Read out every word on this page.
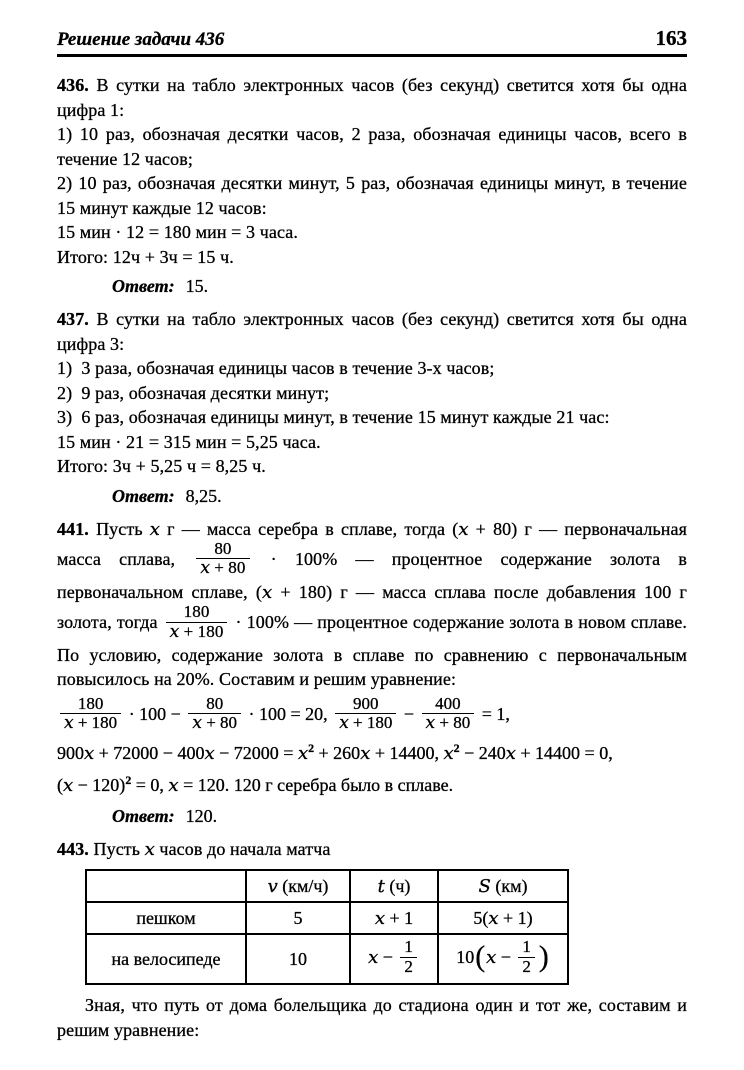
Решение задачи 436	163

436. В сутки на табло электронных часов (без секунд) светится хотя бы одна цифра 1:

1) 10 раз, обозначая десятки часов, 2 раза, обозначая единицы часов, всего в течение 12 часов;

2) 10 раз, обозначая десятки минут, 5 раз, обозначая единицы минут, в течение 15 минут каждые 12 часов:

15 мин · 12 = 180 мин = 3 часа.

Итого: 12ч + 3ч = 15 ч.

Ответ: 15.

437. В сутки на табло электронных часов (без секунд) светится хотя бы одна цифра 3:

1)  3 раза, обозначая единицы часов в течение 3-х часов;

2)  9 раз, обозначая десятки минут;

3)  6 раз, обозначая единицы минут, в течение 15 минут каждые 21 час:

15 мин · 21 = 315 мин = 5,25 часа.

Итого: 3ч + 5,25 ч = 8,25 ч.

Ответ: 8,25.

441. Пусть x г — масса серебра в сплаве, тогда (x + 80) г — первоначальная масса сплава, $\frac{80}{x + 80} \cdot 100\%$ — процентное содержание золота в первоначальном сплаве, (x + 180) г — масса сплава после добавления 100 г золота, тогда $\frac{180}{x + 180} \cdot 100\%$ — процентное содержание золота в новом сплаве. По условию, содержание золота в сплаве по сравнению с первоначальным повысилось на 20%. Составим и решим уравнение:

$\frac{180}{x + 180} \cdot 100 - \frac{80}{x + 80} \cdot 100 = 20$, $\frac{900}{x + 180} - \frac{400}{x + 80} = 1$,

$900x + 72000 - 400x - 72000 = x^2 + 260x + 14400$, $x^2 - 240x + 14400 = 0$,

$(x - 120)^2 = 0$, x = 120. 120 г серебра было в сплаве.

Ответ: 120.

443. Пусть x часов до начала матча

	v (км/ч)	t (ч)	S (км)
пешком	5	x + 1	5(x + 1)
на велосипеде	10	$x - \frac{1}{2}$	$10(x - \frac{1}{2}$ )

Зная, что путь от дома болельщика до стадиона один и тот же, составим и решим уравнение:
